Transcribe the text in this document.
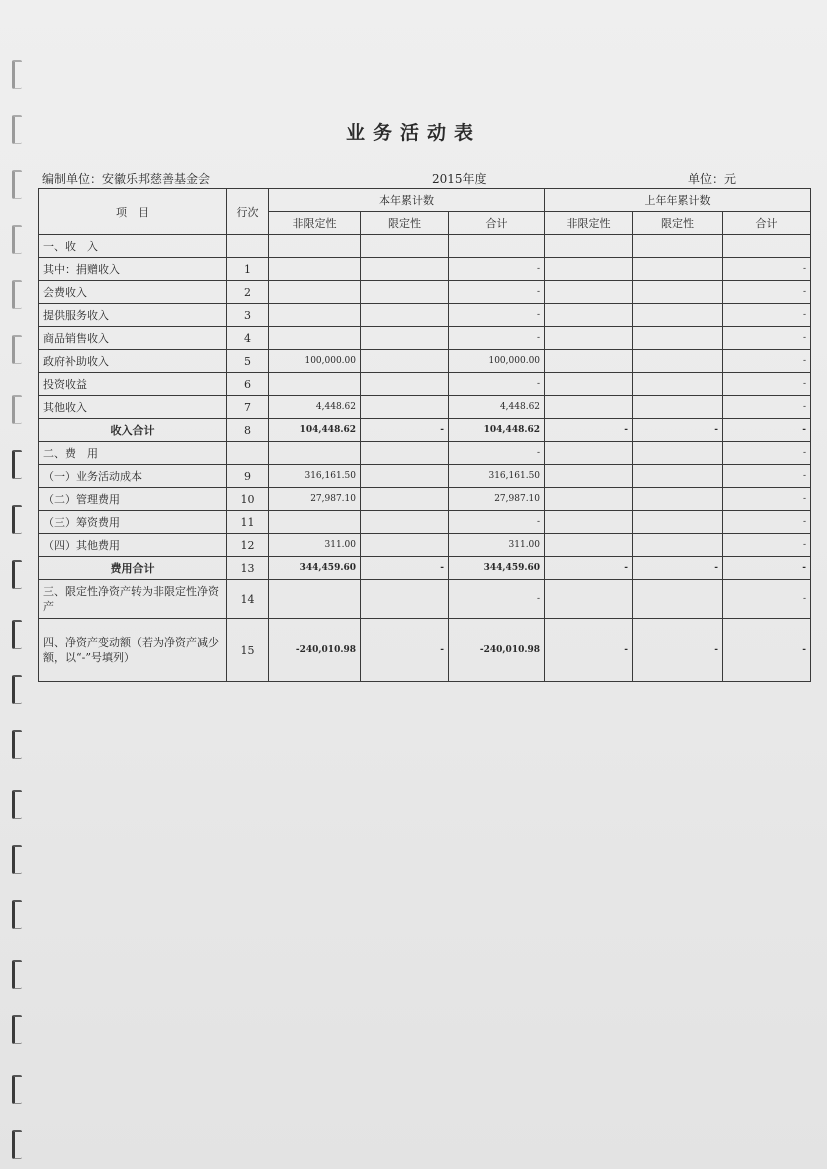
业务活动表
编制单位：安徽乐邦慈善基金会	2015年度	单位：元
项　目	行次	本年累计数			上年年累计数		
		非限定性	限定性	合计	非限定性	限定性	合计
一、收　入							
其中：捐赠收入	1			-			-
会费收入	2			-			-
提供服务收入	3			-			-
商品销售收入	4			-			-
政府补助收入	5	100,000.00		100,000.00			-
投资收益	6			-			-
其他收入	7	4,448.62		4,448.62			-
收入合计	8	104,448.62	-	104,448.62	-	-	-
二、费　用				-			-
（一）业务活动成本	9	316,161.50		316,161.50			-
（二）管理费用	10	27,987.10		27,987.10			-
（三）筹资费用	11			-			-
（四）其他费用	12	311.00		311.00			-
费用合计	13	344,459.60	-	344,459.60	-	-	-
三、限定性净资产转为非限定性净资产	14			-			-
四、净资产变动额（若为净资产减少额，以“-”号填列）	15	-240,010.98	-	-240,010.98	-	-	-
